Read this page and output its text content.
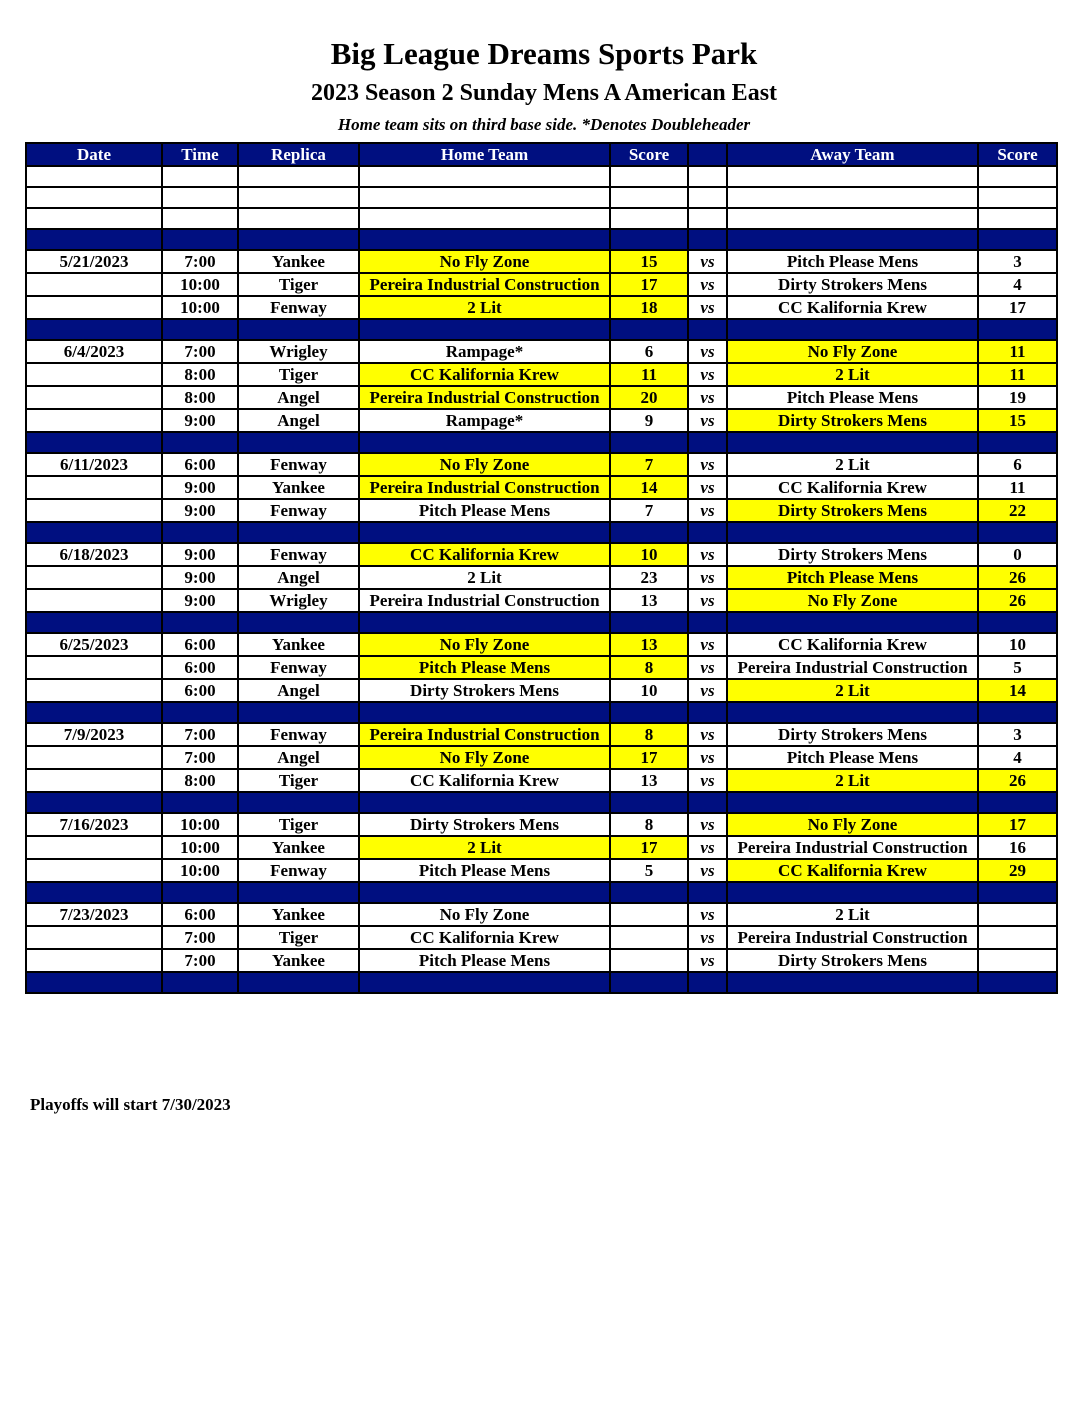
Big League Dreams Sports Park
2023 Season 2 Sunday Mens A American East
Home team sits on third base side. *Denotes Doubleheader
Date	Time	Replica	Home Team	Score		Away Team	Score

5/21/2023	7:00	Yankee	No Fly Zone	15	vs	Pitch Please Mens	3
	10:00	Tiger	Pereira Industrial Construction	17	vs	Dirty Strokers Mens	4
	10:00	Fenway	2 Lit	18	vs	CC Kalifornia Krew	17

6/4/2023	7:00	Wrigley	Rampage*	6	vs	No Fly Zone	11
	8:00	Tiger	CC Kalifornia Krew	11	vs	2 Lit	11
	8:00	Angel	Pereira Industrial Construction	20	vs	Pitch Please Mens	19
	9:00	Angel	Rampage*	9	vs	Dirty Strokers Mens	15

6/11/2023	6:00	Fenway	No Fly Zone	7	vs	2 Lit	6
	9:00	Yankee	Pereira Industrial Construction	14	vs	CC Kalifornia Krew	11
	9:00	Fenway	Pitch Please Mens	7	vs	Dirty Strokers Mens	22

6/18/2023	9:00	Fenway	CC Kalifornia Krew	10	vs	Dirty Strokers Mens	0
	9:00	Angel	2 Lit	23	vs	Pitch Please Mens	26
	9:00	Wrigley	Pereira Industrial Construction	13	vs	No Fly Zone	26

6/25/2023	6:00	Yankee	No Fly Zone	13	vs	CC Kalifornia Krew	10
	6:00	Fenway	Pitch Please Mens	8	vs	Pereira Industrial Construction	5
	6:00	Angel	Dirty Strokers Mens	10	vs	2 Lit	14

7/9/2023	7:00	Fenway	Pereira Industrial Construction	8	vs	Dirty Strokers Mens	3
	7:00	Angel	No Fly Zone	17	vs	Pitch Please Mens	4
	8:00	Tiger	CC Kalifornia Krew	13	vs	2 Lit	26

7/16/2023	10:00	Tiger	Dirty Strokers Mens	8	vs	No Fly Zone	17
	10:00	Yankee	2 Lit	17	vs	Pereira Industrial Construction	16
	10:00	Fenway	Pitch Please Mens	5	vs	CC Kalifornia Krew	29

7/23/2023	6:00	Yankee	No Fly Zone		vs	2 Lit	
	7:00	Tiger	CC Kalifornia Krew		vs	Pereira Industrial Construction	
	7:00	Yankee	Pitch Please Mens		vs	Dirty Strokers Mens	

Playoffs will start 7/30/2023
